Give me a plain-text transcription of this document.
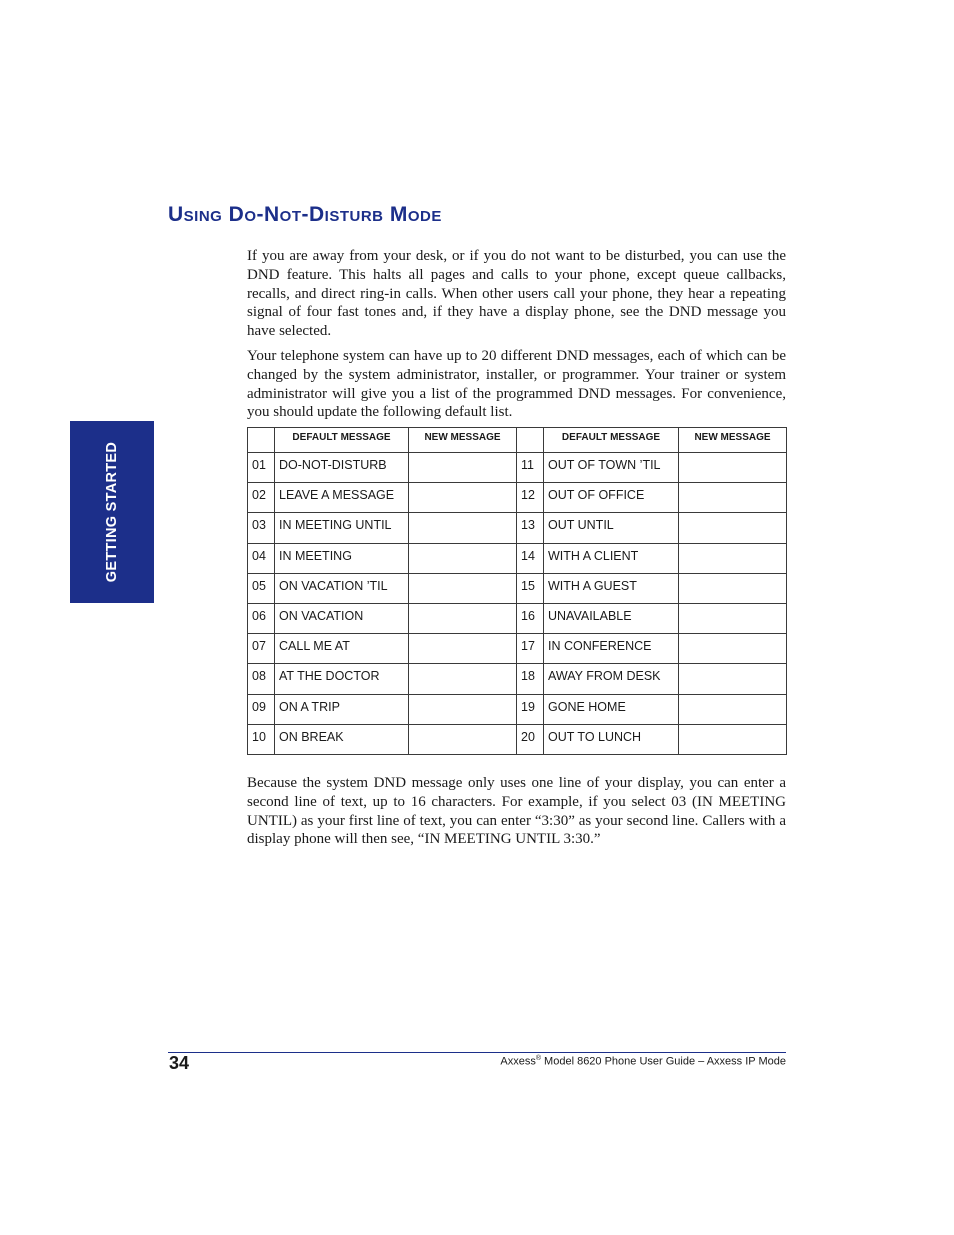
GETTING STARTED
Using Do-Not-Disturb Mode

If you are away from your desk, or if you do not want to be disturbed, you can use the DND feature. This halts all pages and calls to your phone, except queue callbacks, recalls, and direct ring-in calls. When other users call your phone, they hear a repeating signal of four fast tones and, if they have a display phone, see the DND message you have selected.

Your telephone system can have up to 20 different DND messages, each of which can be changed by the system administrator, installer, or programmer. Your trainer or system administrator will give you a list of the programmed DND messages. For convenience, you should update the following default list.

	DEFAULT MESSAGE	NEW MESSAGE		DEFAULT MESSAGE	NEW MESSAGE
01	DO-NOT-DISTURB		11	OUT OF TOWN ’TIL	
02	LEAVE A MESSAGE		12	OUT OF OFFICE	
03	IN MEETING UNTIL		13	OUT UNTIL	
04	IN MEETING		14	WITH A CLIENT	
05	ON VACATION ’TIL		15	WITH A GUEST	
06	ON VACATION		16	UNAVAILABLE	
07	CALL ME AT		17	IN CONFERENCE	
08	AT THE DOCTOR		18	AWAY FROM DESK	
09	ON A TRIP		19	GONE HOME	
10	ON BREAK		20	OUT TO LUNCH	

Because the system DND message only uses one line of your display, you can enter a second line of text, up to 16 characters. For example, if you select 03 (IN MEETING UNTIL) as your first line of text, you can enter “3:30” as your second line. Callers with a display phone will then see, “IN MEETING UNTIL 3:30.”

34	Axxess® Model 8620 Phone User Guide – Axxess IP Mode
